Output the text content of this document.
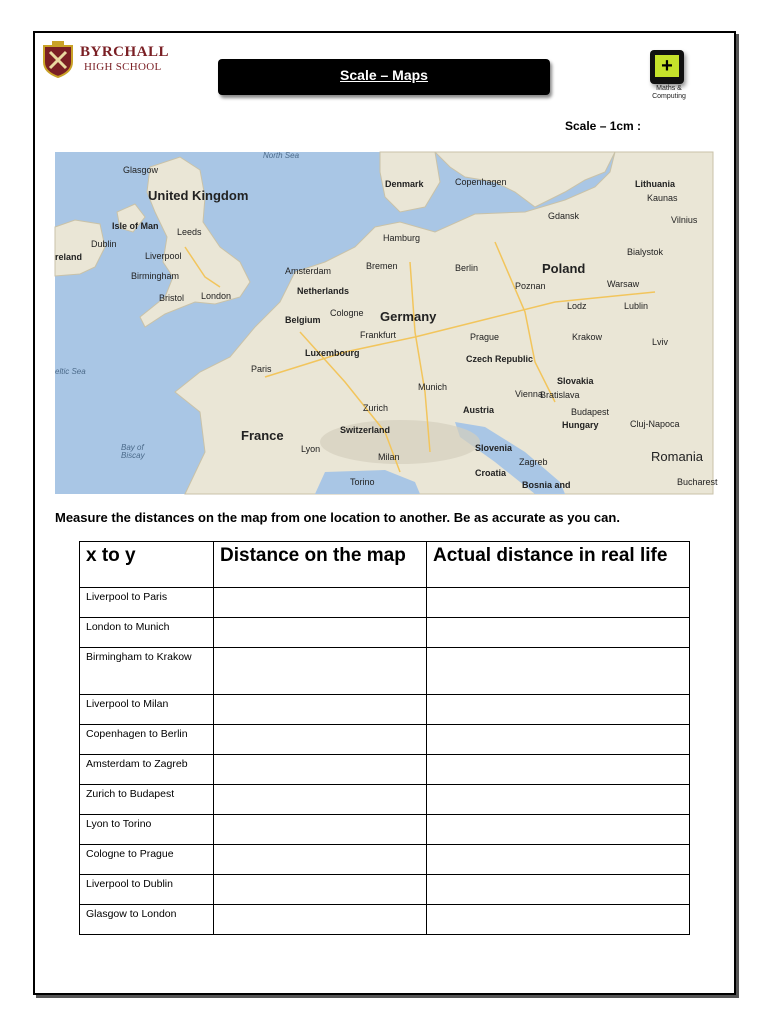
BYRCHALL
HIGH SCHOOL	Scale – Maps	+
Maths & Computing
Scale – 1cm :
United Kingdom
Denmark	Lithuania
Poland
Germany
Netherlands
Belgium
Luxembourg
France	Switzerland
Czech Republic
Slovakia
Austria
Hungary
Slovenia
Croatia
Romania
Bosnia and
reland
Glasgow
Isle of Man
Leeds
Dublin
Liverpool
Birmingham
Bristol London
Copenhagen
Kaunas
Vilnius
Gdansk
Bialystok
Hamburg
Bremen	Berlin
Poznan	Warsaw
Amsterdam
Lodz	Lublin
Cologne
Frankfurt	Prague	Krakow	Lviv
Paris
Munich
Vienna
Bratislava
Zurich	Budapest
Cluj-Napoca
Lyon
Milan	Zagreb
Torino	Bucharest
North Sea
Bay of Biscay
eltic Sea
Measure the distances on the map from one location to another. Be as accurate as you can.
x to y	Distance on the map	Actual distance in real life
Liverpool to Paris		
London to Munich		
Birmingham to Krakow		
Liverpool to Milan		
Copenhagen to Berlin		
Amsterdam to Zagreb		
Zurich to Budapest		
Lyon to Torino		
Cologne to Prague		
Liverpool to Dublin		
Glasgow to London		
